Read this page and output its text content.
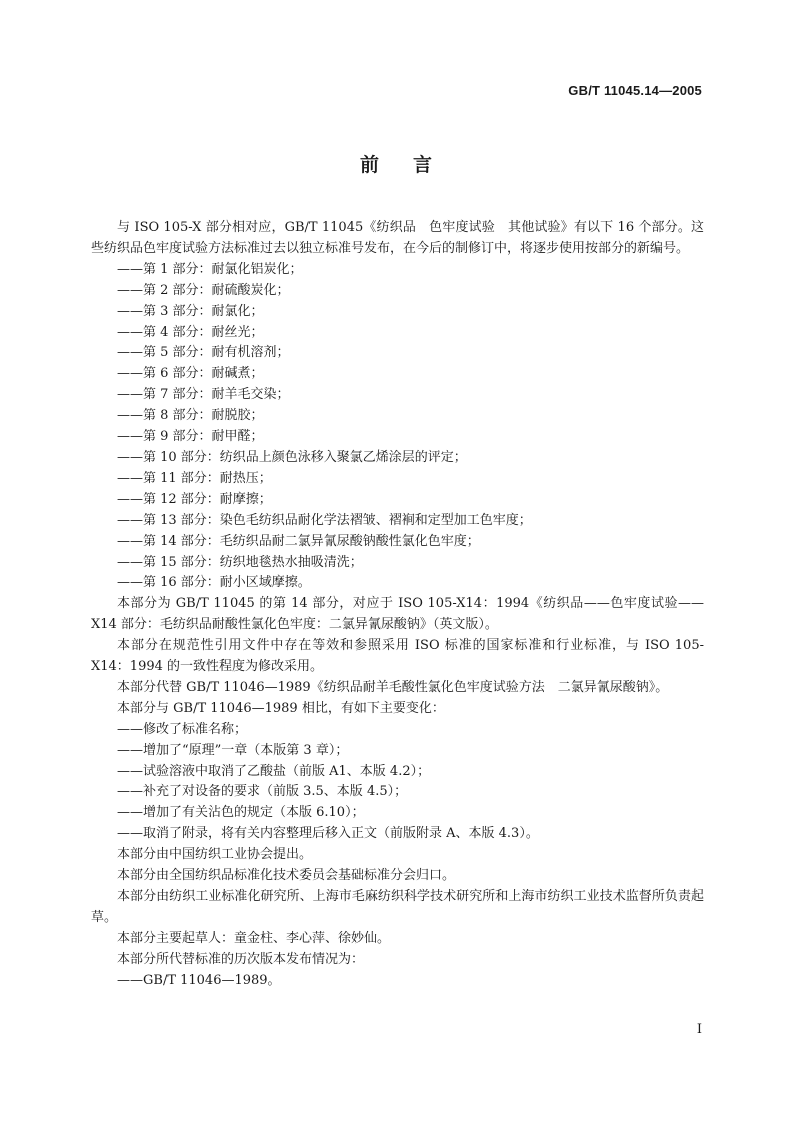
GB/T 11045.14—2005
前 言

与 ISO 105-X 部分相对应，GB/T 11045《纺织品　色牢度试验　其他试验》有以下 16 个部分。这些纺织品色牢度试验方法标准过去以独立标准号发布，在今后的制修订中，将逐步使用按部分的新编号。

——第 1 部分：耐氯化铝炭化；
——第 2 部分：耐硫酸炭化；
——第 3 部分：耐氯化；
——第 4 部分：耐丝光；
——第 5 部分：耐有机溶剂；
——第 6 部分：耐碱煮；
——第 7 部分：耐羊毛交染；
——第 8 部分：耐脱胶；
——第 9 部分：耐甲醛；
——第 10 部分：纺织品上颜色泳移入聚氯乙烯涂层的评定；
——第 11 部分：耐热压；
——第 12 部分：耐摩擦；
——第 13 部分：染色毛纺织品耐化学法褶皱、褶裥和定型加工色牢度；
——第 14 部分：毛纺织品耐二氯异氰尿酸钠酸性氯化色牢度；
——第 15 部分：纺织地毯热水抽吸清洗；
——第 16 部分：耐小区域摩擦。

本部分为 GB/T 11045 的第 14 部分，对应于 ISO 105-X14：1994《纺织品——色牢度试验——X14 部分：毛纺织品耐酸性氯化色牢度：二氯异氰尿酸钠》（英文版）。

本部分在规范性引用文件中存在等效和参照采用 ISO 标准的国家标准和行业标准，与 ISO 105-X14：1994 的一致性程度为修改采用。

本部分代替 GB/T 11046—1989《纺织品耐羊毛酸性氯化色牢度试验方法　二氯异氰尿酸钠》。

本部分与 GB/T 11046—1989 相比，有如下主要变化：

——修改了标准名称；
——增加了“原理”一章（本版第 3 章）；
——试验溶液中取消了乙酸盐（前版 A1、本版 4.2）；
——补充了对设备的要求（前版 3.5、本版 4.5）；
——增加了有关沾色的规定（本版 6.10）；
——取消了附录，将有关内容整理后移入正文（前版附录 A、本版 4.3）。

本部分由中国纺织工业协会提出。

本部分由全国纺织品标准化技术委员会基础标准分会归口。

本部分由纺织工业标准化研究所、上海市毛麻纺织科学技术研究所和上海市纺织工业技术监督所负责起草。

本部分主要起草人：童金柱、李心萍、徐妙仙。

本部分所代替标准的历次版本发布情况为：

——GB/T 11046—1989。
I
